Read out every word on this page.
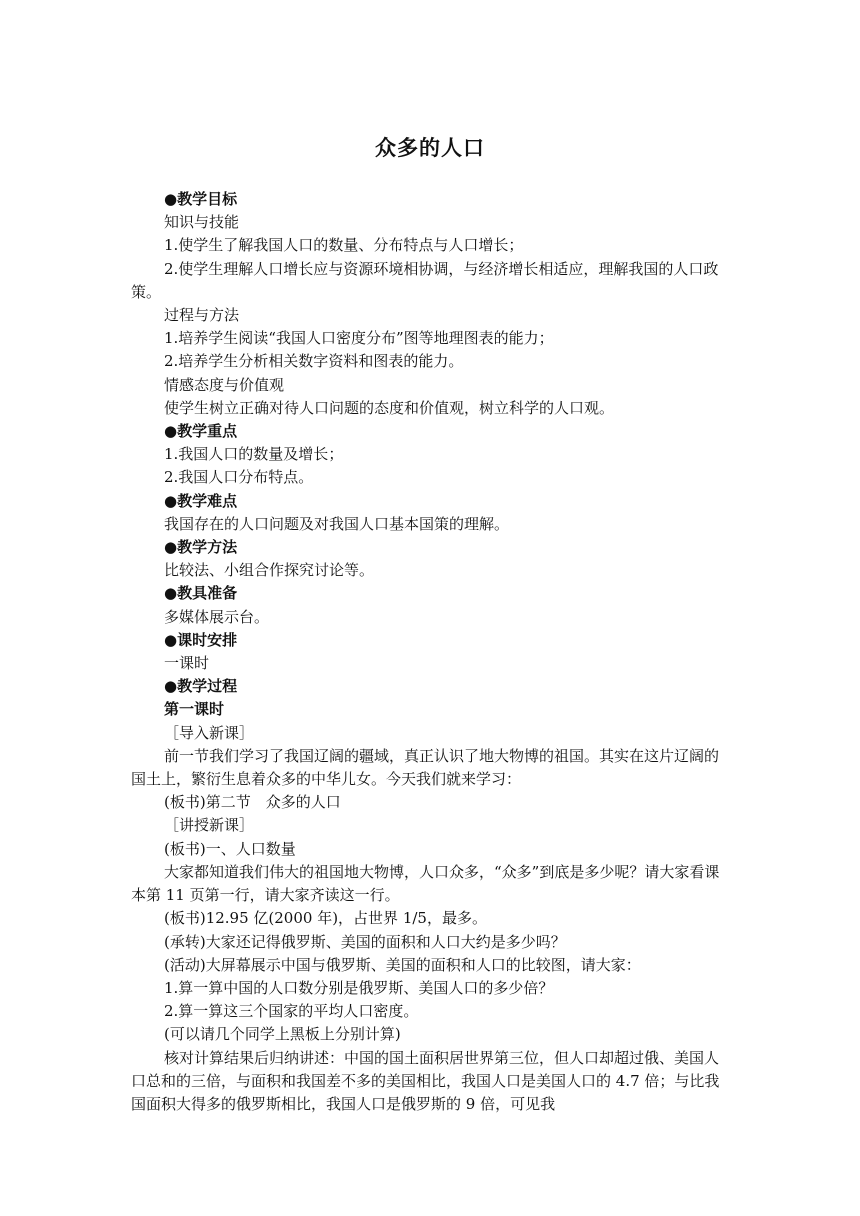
众多的人口

●教学目标

知识与技能

1.使学生了解我国人口的数量、分布特点与人口增长；

2.使学生理解人口增长应与资源环境相协调，与经济增长相适应，理解我国的人口政策。

过程与方法

1.培养学生阅读“我国人口密度分布”图等地理图表的能力；

2.培养学生分析相关数字资料和图表的能力。

情感态度与价值观

使学生树立正确对待人口问题的态度和价值观，树立科学的人口观。

●教学重点

1.我国人口的数量及增长；

2.我国人口分布特点。

●教学难点

我国存在的人口问题及对我国人口基本国策的理解。

●教学方法

比较法、小组合作探究讨论等。

●教具准备

多媒体展示台。

●课时安排

一课时

●教学过程

第一课时

［导入新课］

前一节我们学习了我国辽阔的疆域，真正认识了地大物博的祖国。其实在这片辽阔的国土上，繁衍生息着众多的中华儿女。今天我们就来学习：

(板书)第二节　众多的人口

［讲授新课］

(板书)一、人口数量

大家都知道我们伟大的祖国地大物博，人口众多，“众多”到底是多少呢？请大家看课本第 11 页第一行，请大家齐读这一行。

(板书)12.95 亿(2000 年)，占世界 1/5，最多。

(承转)大家还记得俄罗斯、美国的面积和人口大约是多少吗？

(活动)大屏幕展示中国与俄罗斯、美国的面积和人口的比较图，请大家：

1.算一算中国的人口数分别是俄罗斯、美国人口的多少倍？

2.算一算这三个国家的平均人口密度。

(可以请几个同学上黑板上分别计算)

核对计算结果后归纳讲述：中国的国土面积居世界第三位，但人口却超过俄、美国人口总和的三倍，与面积和我国差不多的美国相比，我国人口是美国人口的 4.7 倍；与比我国面积大得多的俄罗斯相比，我国人口是俄罗斯的 9 倍，可见我
